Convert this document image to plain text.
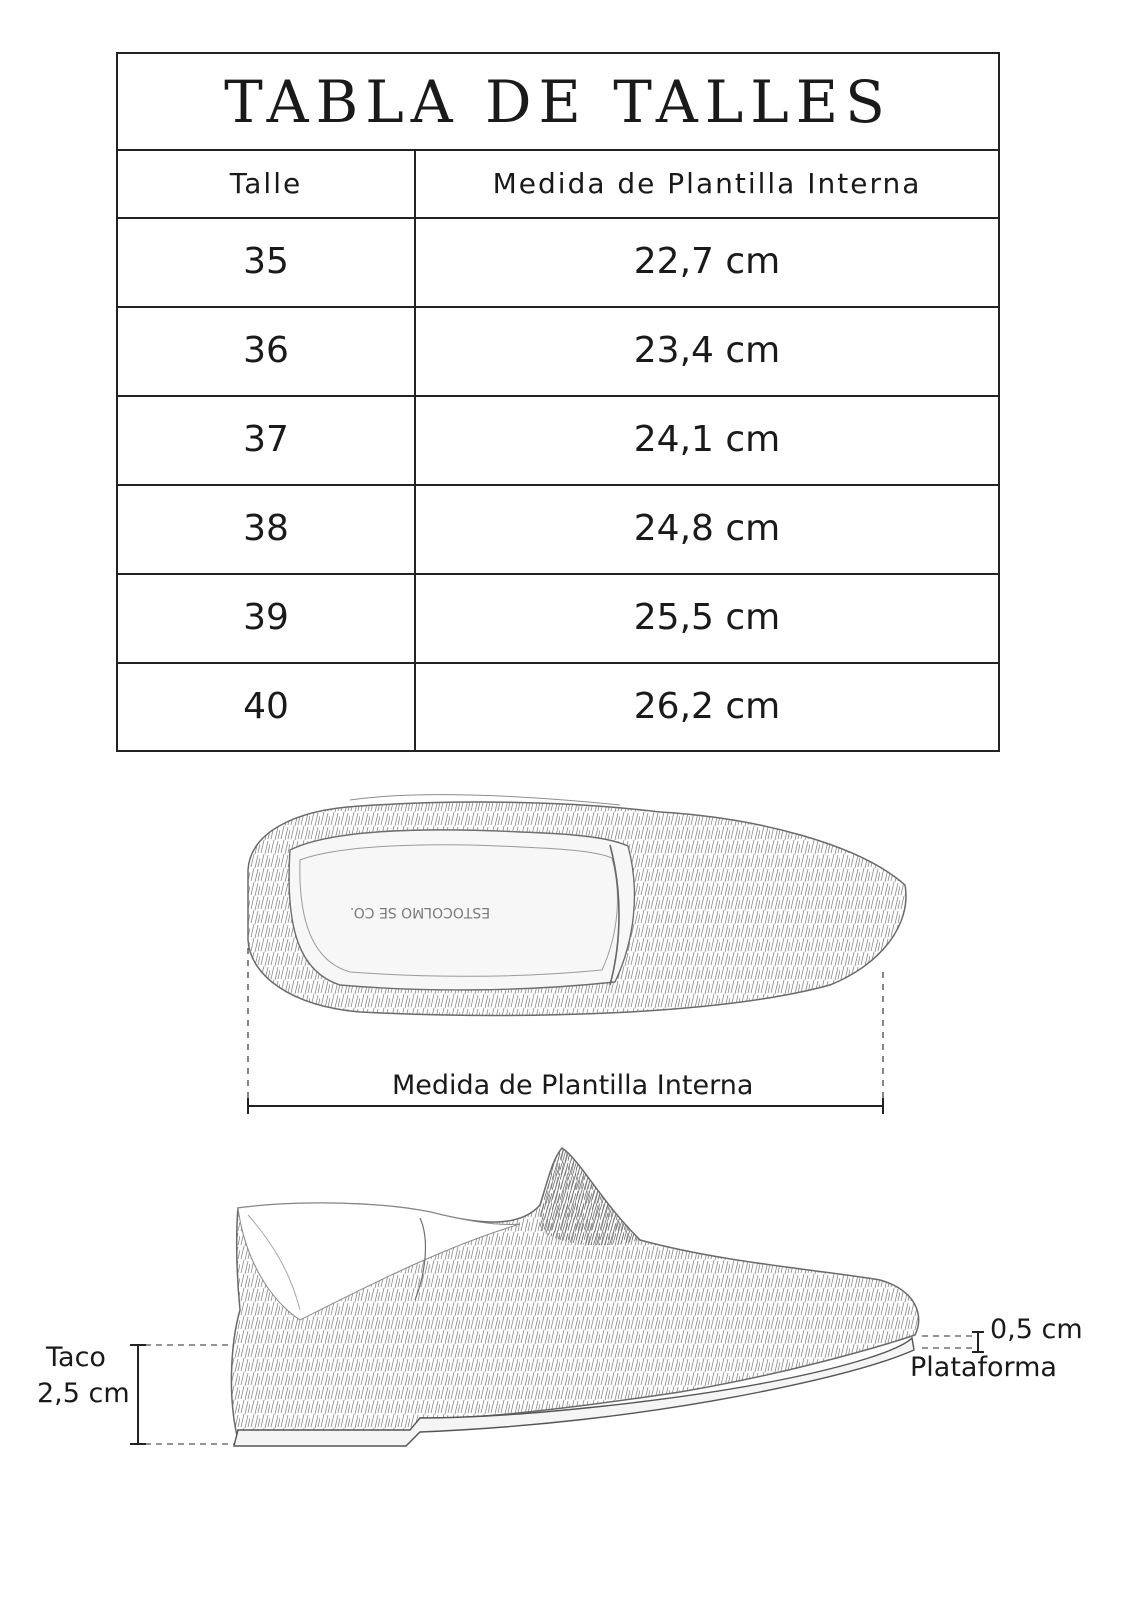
TABLA DE TALLES
Talle	Medida de Plantilla Interna
35	22,7 cm
36	23,4 cm
37	24,1 cm
38	24,8 cm
39	25,5 cm
40	26,2 cm
ESTOCOLMO SE CO.
Medida de Plantilla Interna
Taco
2,5 cm
0,5 cm
Plataforma
